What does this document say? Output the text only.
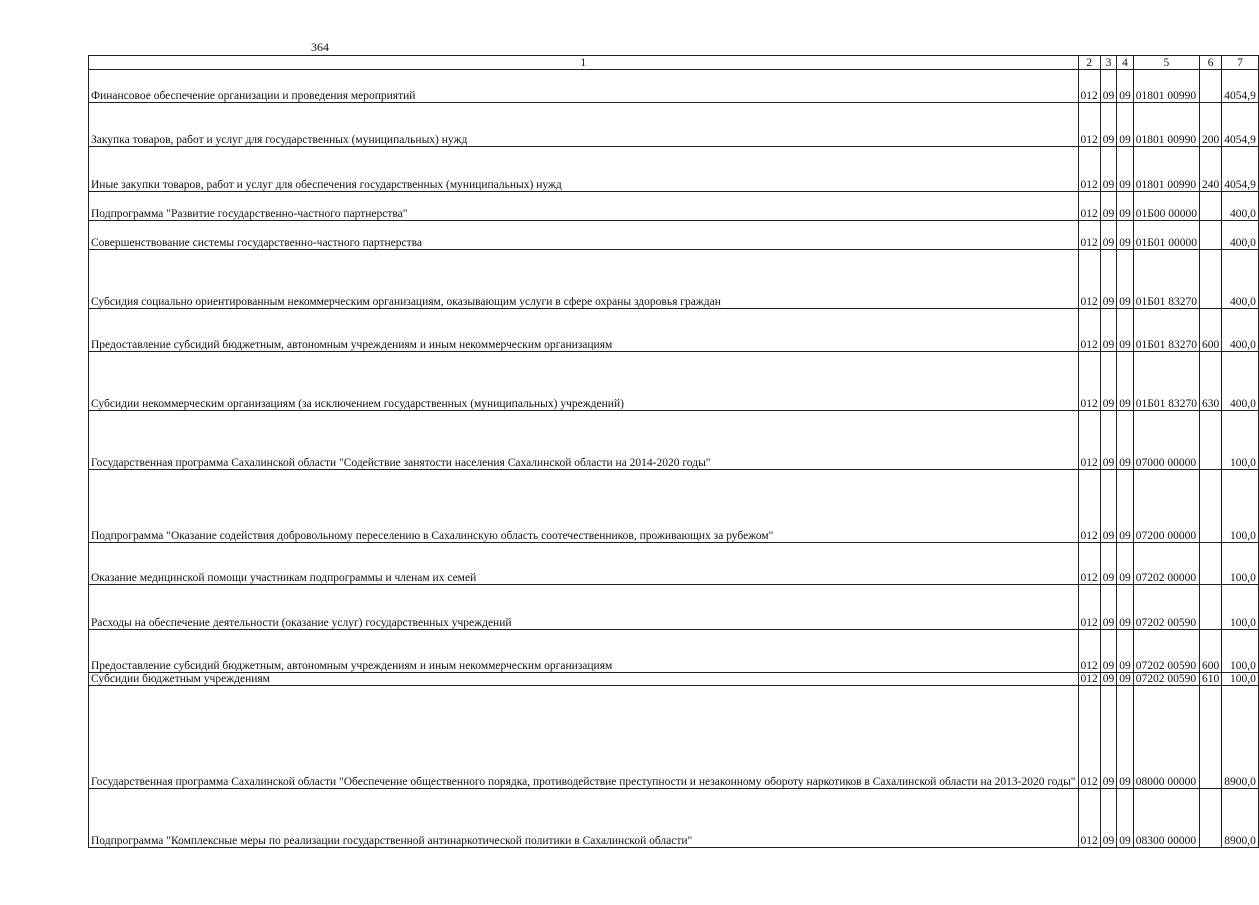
364
1	2	3	4	5	6	7
Финансовое обеспечение организации и проведения мероприятий	012	09	09	01801 00990		4054,9
Закупка товаров, работ и услуг для государственных (муниципальных) нужд	012	09	09	01801 00990	200	4054,9
Иные закупки товаров, работ и услуг для обеспечения государственных (муниципальных) нужд	012	09	09	01801 00990	240	4054,9
Подпрограмма "Развитие государственно-частного партнерства"	012	09	09	01Б00 00000		400,0
Совершенствование системы государственно-частного партнерства	012	09	09	01Б01 00000		400,0
Субсидия социально ориентированным некоммерческим организациям, оказывающим услуги в сфере охраны здоровья граждан	012	09	09	01Б01 83270		400,0
Предоставление субсидий бюджетным, автономным учреждениям и иным некоммерческим организациям	012	09	09	01Б01 83270	600	400,0
Субсидии некоммерческим организациям (за исключением государственных (муниципальных) учреждений)	012	09	09	01Б01 83270	630	400,0
Государственная программа Сахалинской области "Содействие занятости населения Сахалинской области на 2014-2020 годы"	012	09	09	07000 00000		100,0
Подпрограмма "Оказание содействия добровольному переселению в Сахалинскую область соотечественников, проживающих за рубежом"	012	09	09	07200 00000		100,0
Оказание медицинской помощи участникам подпрограммы и членам их семей	012	09	09	07202 00000		100,0
Расходы на обеспечение деятельности (оказание услуг) государственных учреждений	012	09	09	07202 00590		100,0
Предоставление субсидий бюджетным, автономным учреждениям и иным некоммерческим организациям	012	09	09	07202 00590	600	100,0
Субсидии бюджетным учреждениям	012	09	09	07202 00590	610	100,0
Государственная программа Сахалинской области "Обеспечение общественного порядка, противодействие преступности и незаконному обороту наркотиков в Сахалинской области на 2013-2020 годы"	012	09	09	08000 00000		8900,0
Подпрограмма "Комплексные меры по реализации государственной антинаркотической политики в Сахалинской области"	012	09	09	08300 00000		8900,0
